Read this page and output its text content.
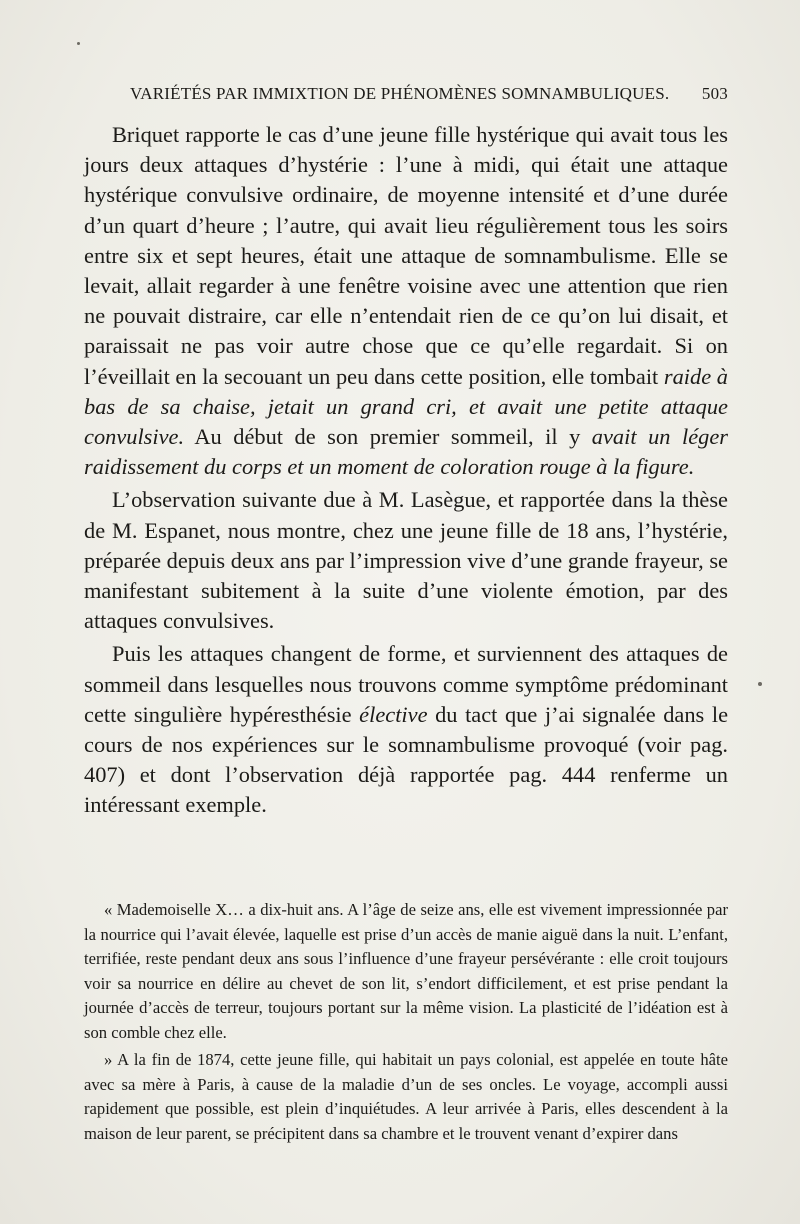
VARIÉTÉS PAR IMMIXTION DE PHÉNOMÈNES SOMNAMBULIQUES. 503

Briquet rapporte le cas d’une jeune fille hystérique qui avait tous les jours deux attaques d’hystérie : l’une à midi, qui était une attaque hystérique convulsive ordinaire, de moyenne intensité et d’une durée d’un quart d’heure ; l’autre, qui avait lieu régulièrement tous les soirs entre six et sept heures, était une attaque de somnambulisme. Elle se levait, allait regarder à une fenêtre voisine avec une attention que rien ne pouvait distraire, car elle n’entendait rien de ce qu’on lui disait, et paraissait ne pas voir autre chose que ce qu’elle regardait. Si on l’éveillait en la secouant un peu dans cette position, elle tombait raide à bas de sa chaise, jetait un grand cri, et avait une petite attaque convulsive. Au début de son premier sommeil, il y avait un léger raidissement du corps et un moment de coloration rouge à la figure.

L’observation suivante due à M. Lasègue, et rapportée dans la thèse de M. Espanet, nous montre, chez une jeune fille de 18 ans, l’hystérie, préparée depuis deux ans par l’impression vive d’une grande frayeur, se manifestant subitement à la suite d’une violente émotion, par des attaques convulsives.

Puis les attaques changent de forme, et surviennent des attaques de sommeil dans lesquelles nous trouvons comme symptôme prédominant cette singulière hypéresthésie élective du tact que j’ai signalée dans le cours de nos expériences sur le somnambulisme provoqué (voir pag. 407) et dont l’observation déjà rapportée pag. 444 renferme un intéressant exemple.

« Mademoiselle X… a dix-huit ans. A l’âge de seize ans, elle est vivement impressionnée par la nourrice qui l’avait élevée, laquelle est prise d’un accès de manie aiguë dans la nuit. L’enfant, terrifiée, reste pendant deux ans sous l’influence d’une frayeur persévérante : elle croit toujours voir sa nourrice en délire au chevet de son lit, s’endort difficilement, et est prise pendant la journée d’accès de terreur, toujours portant sur la même vision. La plasticité de l’idéation est à son comble chez elle.

» A la fin de 1874, cette jeune fille, qui habitait un pays colonial, est appelée en toute hâte avec sa mère à Paris, à cause de la maladie d’un de ses oncles. Le voyage, accompli aussi rapidement que possible, est plein d’inquiétudes. A leur arrivée à Paris, elles descendent à la maison de leur parent, se précipitent dans sa chambre et le trouvent venant d’expirer dans
